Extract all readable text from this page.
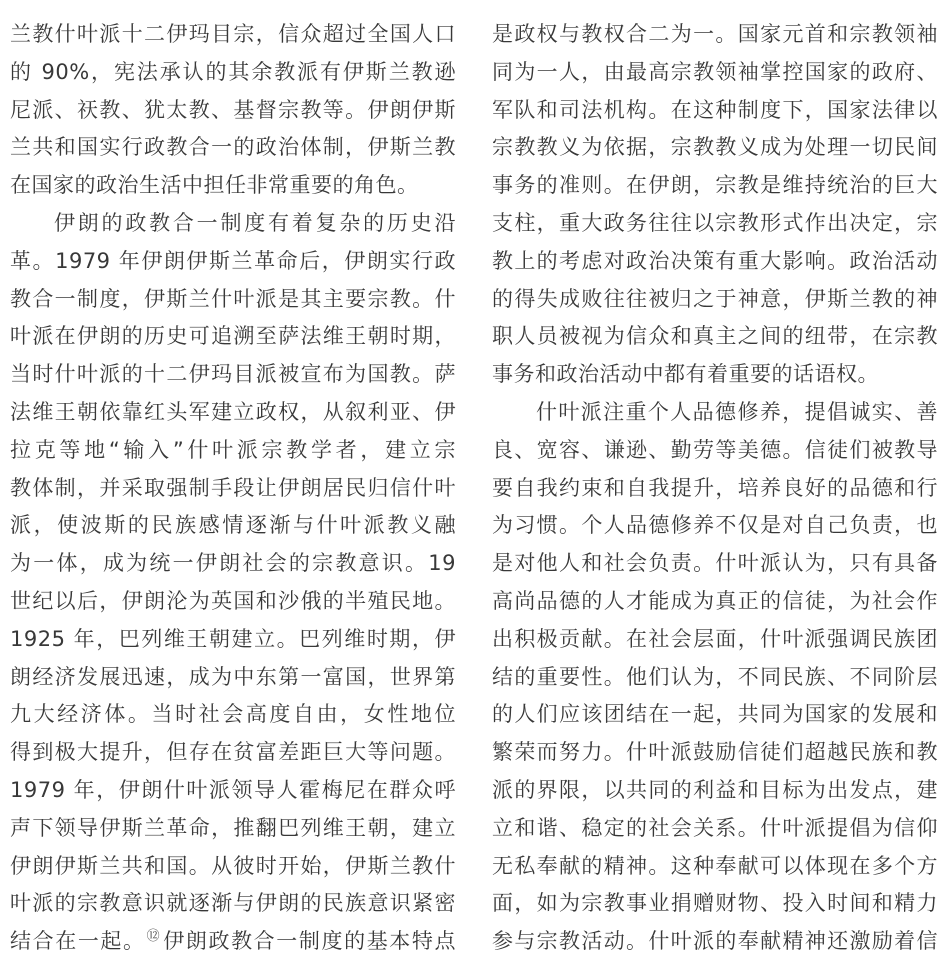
兰教什叶派十二伊玛目宗，信众超过全国人口
的 90%，宪法承认的其余教派有伊斯兰教逊
尼派、祆教、犹太教、基督宗教等。伊朗伊斯
兰共和国实行政教合一的政治体制，伊斯兰教
在国家的政治生活中担任非常重要的角色。
伊朗的政教合一制度有着复杂的历史沿
革。1979 年伊朗伊斯兰革命后，伊朗实行政
教合一制度，伊斯兰什叶派是其主要宗教。什
叶派在伊朗的历史可追溯至萨法维王朝时期，
当时什叶派的十二伊玛目派被宣布为国教。萨
法维王朝依靠红头军建立政权，从叙利亚、伊
拉克等地“输入”什叶派宗教学者，建立宗
教体制，并采取强制手段让伊朗居民归信什叶
派，使波斯的民族感情逐渐与什叶派教义融
为一体，成为统一伊朗社会的宗教意识。19
世纪以后，伊朗沦为英国和沙俄的半殖民地。
1925 年，巴列维王朝建立。巴列维时期，伊
朗经济发展迅速，成为中东第一富国，世界第
九大经济体。当时社会高度自由，女性地位
得到极大提升，但存在贫富差距巨大等问题。
1979 年，伊朗什叶派领导人霍梅尼在群众呼
声下领导伊斯兰革命，推翻巴列维王朝，建立
伊朗伊斯兰共和国。从彼时开始，伊斯兰教什
叶派的宗教意识就逐渐与伊朗的民族意识紧密
结合在一起。⑫伊朗政教合一制度的基本特点
是政权与教权合二为一。国家元首和宗教领袖
同为一人，由最高宗教领袖掌控国家的政府、
军队和司法机构。在这种制度下，国家法律以
宗教教义为依据，宗教教义成为处理一切民间
事务的准则。在伊朗，宗教是维持统治的巨大
支柱，重大政务往往以宗教形式作出决定，宗
教上的考虑对政治决策有重大影响。政治活动
的得失成败往往被归之于神意，伊斯兰教的神
职人员被视为信众和真主之间的纽带，在宗教
事务和政治活动中都有着重要的话语权。
什叶派注重个人品德修养，提倡诚实、善
良、宽容、谦逊、勤劳等美德。信徒们被教导
要自我约束和自我提升，培养良好的品德和行
为习惯。个人品德修养不仅是对自己负责，也
是对他人和社会负责。什叶派认为，只有具备
高尚品德的人才能成为真正的信徒，为社会作
出积极贡献。在社会层面，什叶派强调民族团
结的重要性。他们认为，不同民族、不同阶层
的人们应该团结在一起，共同为国家的发展和
繁荣而努力。什叶派鼓励信徒们超越民族和教
派的界限，以共同的利益和目标为出发点，建
立和谐、稳定的社会关系。什叶派提倡为信仰
无私奉献的精神。这种奉献可以体现在多个方
面，如为宗教事业捐赠财物、投入时间和精力
参与宗教活动。什叶派的奉献精神还激励着信
